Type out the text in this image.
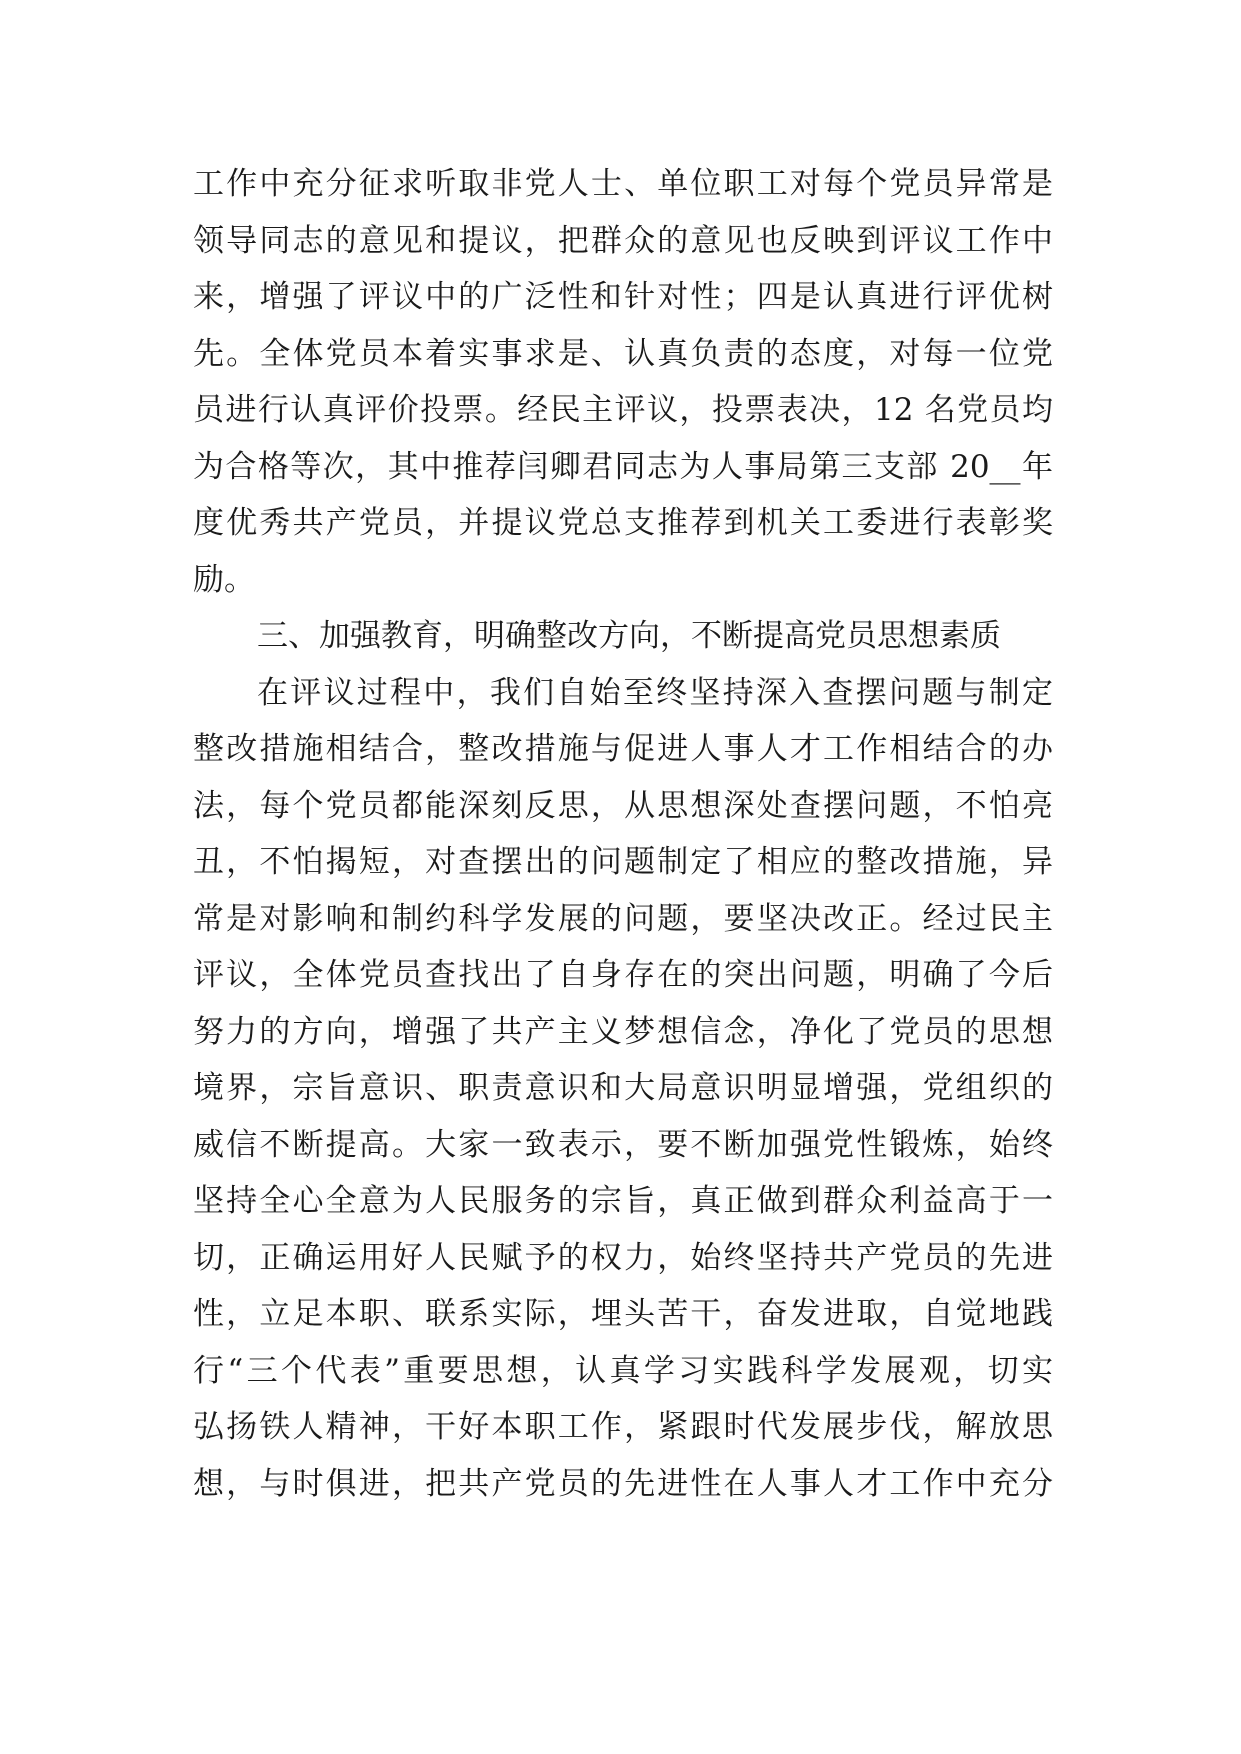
工作中充分征求听取非党人士、单位职工对每个党员异常是
领导同志的意见和提议，把群众的意见也反映到评议工作中
来，增强了评议中的广泛性和针对性；四是认真进行评优树
先。全体党员本着实事求是、认真负责的态度，对每一位党
员进行认真评价投票。经民主评议，投票表决，12 名党员均
为合格等次，其中推荐闫卿君同志为人事局第三支部 20__年
度优秀共产党员，并提议党总支推荐到机关工委进行表彰奖
励。
三、加强教育，明确整改方向，不断提高党员思想素质
在评议过程中，我们自始至终坚持深入查摆问题与制定
整改措施相结合，整改措施与促进人事人才工作相结合的办
法，每个党员都能深刻反思，从思想深处查摆问题，不怕亮
丑，不怕揭短，对查摆出的问题制定了相应的整改措施，异
常是对影响和制约科学发展的问题，要坚决改正。经过民主
评议，全体党员查找出了自身存在的突出问题，明确了今后
努力的方向，增强了共产主义梦想信念，净化了党员的思想
境界，宗旨意识、职责意识和大局意识明显增强，党组织的
威信不断提高。大家一致表示，要不断加强党性锻炼，始终
坚持全心全意为人民服务的宗旨，真正做到群众利益高于一
切，正确运用好人民赋予的权力，始终坚持共产党员的先进
性，立足本职、联系实际，埋头苦干，奋发进取，自觉地践
行“三个代表”重要思想，认真学习实践科学发展观，切实
弘扬铁人精神，干好本职工作，紧跟时代发展步伐，解放思
想，与时俱进，把共产党员的先进性在人事人才工作中充分
